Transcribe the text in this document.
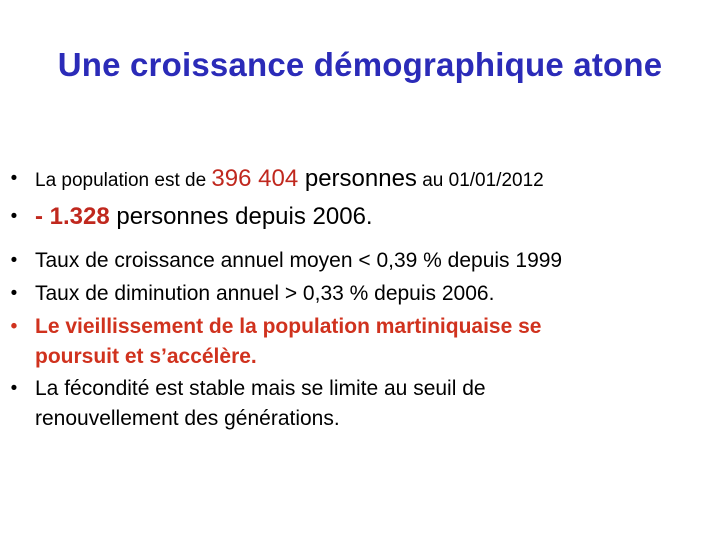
Une croissance démographique atone
• La population est de 396 404 personnes au 01/01/2012
• - 1.328 personnes depuis 2006.
• Taux de croissance annuel moyen < 0,39 % depuis 1999
• Taux de diminution annuel > 0,33 % depuis 2006.
• Le vieillissement de la population martiniquaise se
poursuit et s’accélère.
• La fécondité est stable mais se limite au seuil de
renouvellement des générations.
